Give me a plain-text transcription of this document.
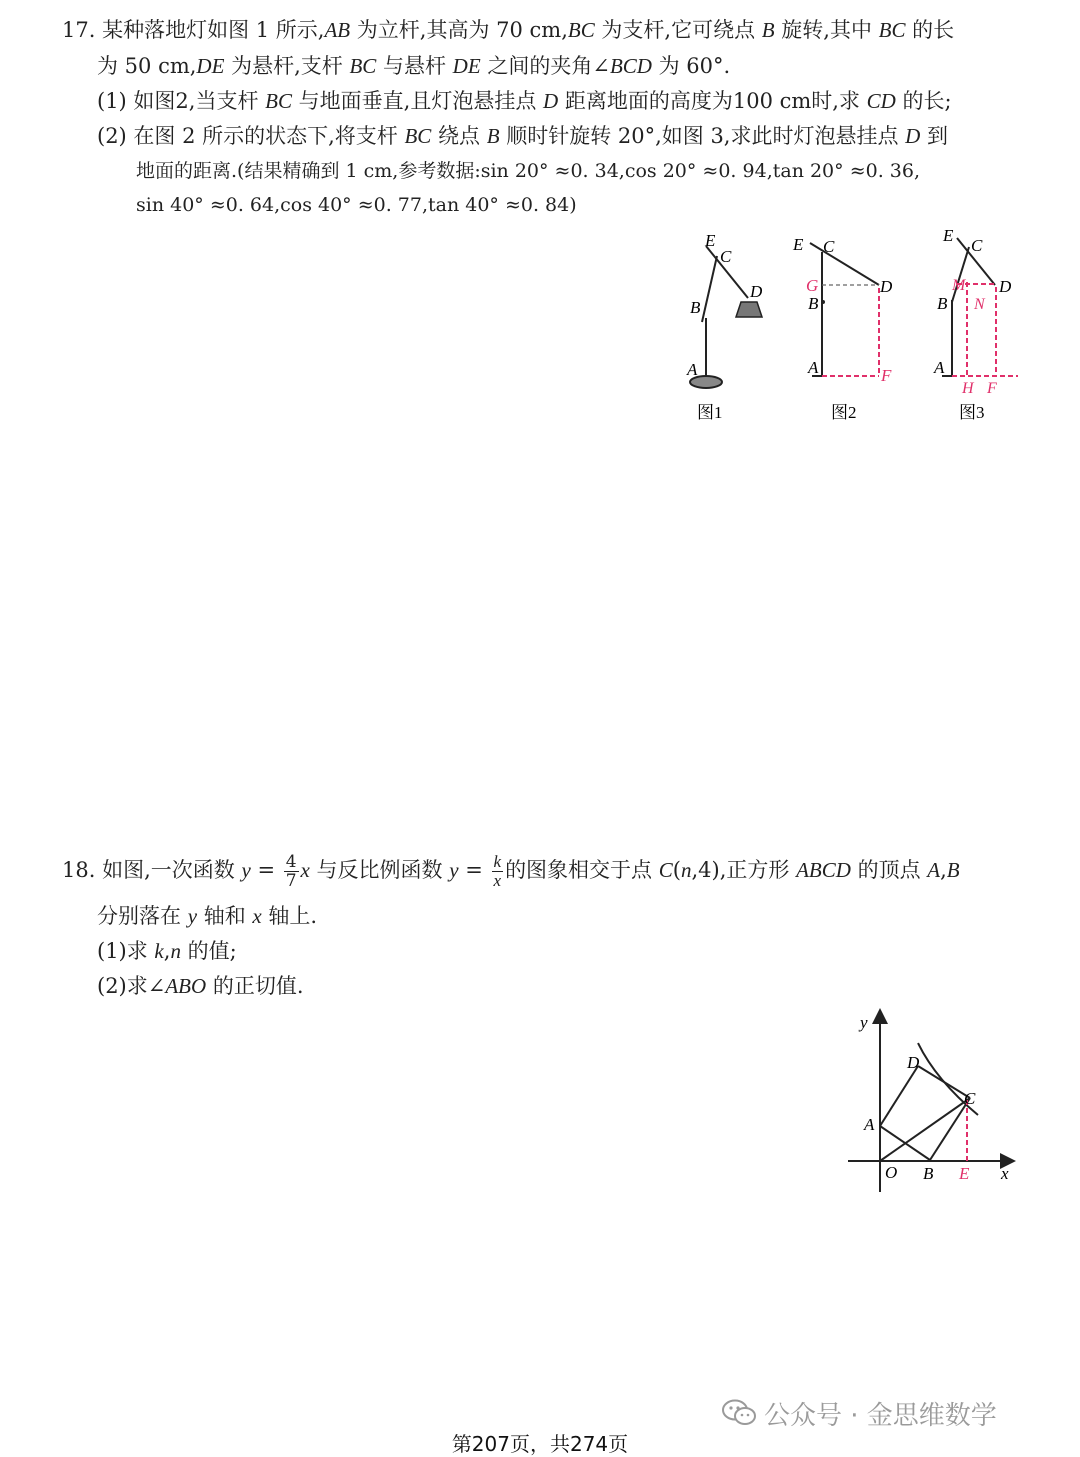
17. 某种落地灯如图 1 所示,AB 为立杆,其高为 70 cm,BC 为支杆,它可绕点 B 旋转,其中 BC 的长
为 50 cm,DE 为悬杆,支杆 BC 与悬杆 DE 之间的夹角∠BCD 为 60°.
(1) 如图2,当支杆 BC 与地面垂直,且灯泡悬挂点 D 距离地面的高度为100 cm时,求 CD 的长;
(2) 在图 2 所示的状态下,将支杆 BC 绕点 B 顺时针旋转 20°,如图 3,求此时灯泡悬挂点 D 到
地面的距离.(结果精确到 1 cm,参考数据:sin 20° ≈0. 34,cos 20° ≈0. 94,tan 20° ≈0. 36,
sin 40° ≈0. 64,cos 40° ≈0. 77,tan 40° ≈0. 84)
E
C
D
B
A
图1
E C
G
B
D
A	F
图2
E
C
M
N
B
D
A
H F
图3
18. 如图,一次函数 $y = \frac{4}{7}$ x 与反比例函数 $y = \frac{k}{x}$ 的图象相交于点 C(n,4),正方形 ABCD 的顶点 A,B
分别落在 y 轴和 x 轴上.
(1)求 k,n 的值;
(2)求∠ABO 的正切值.
y
D
C
A
O B E x
公众号 · 金思维数学
第207页，共274页
